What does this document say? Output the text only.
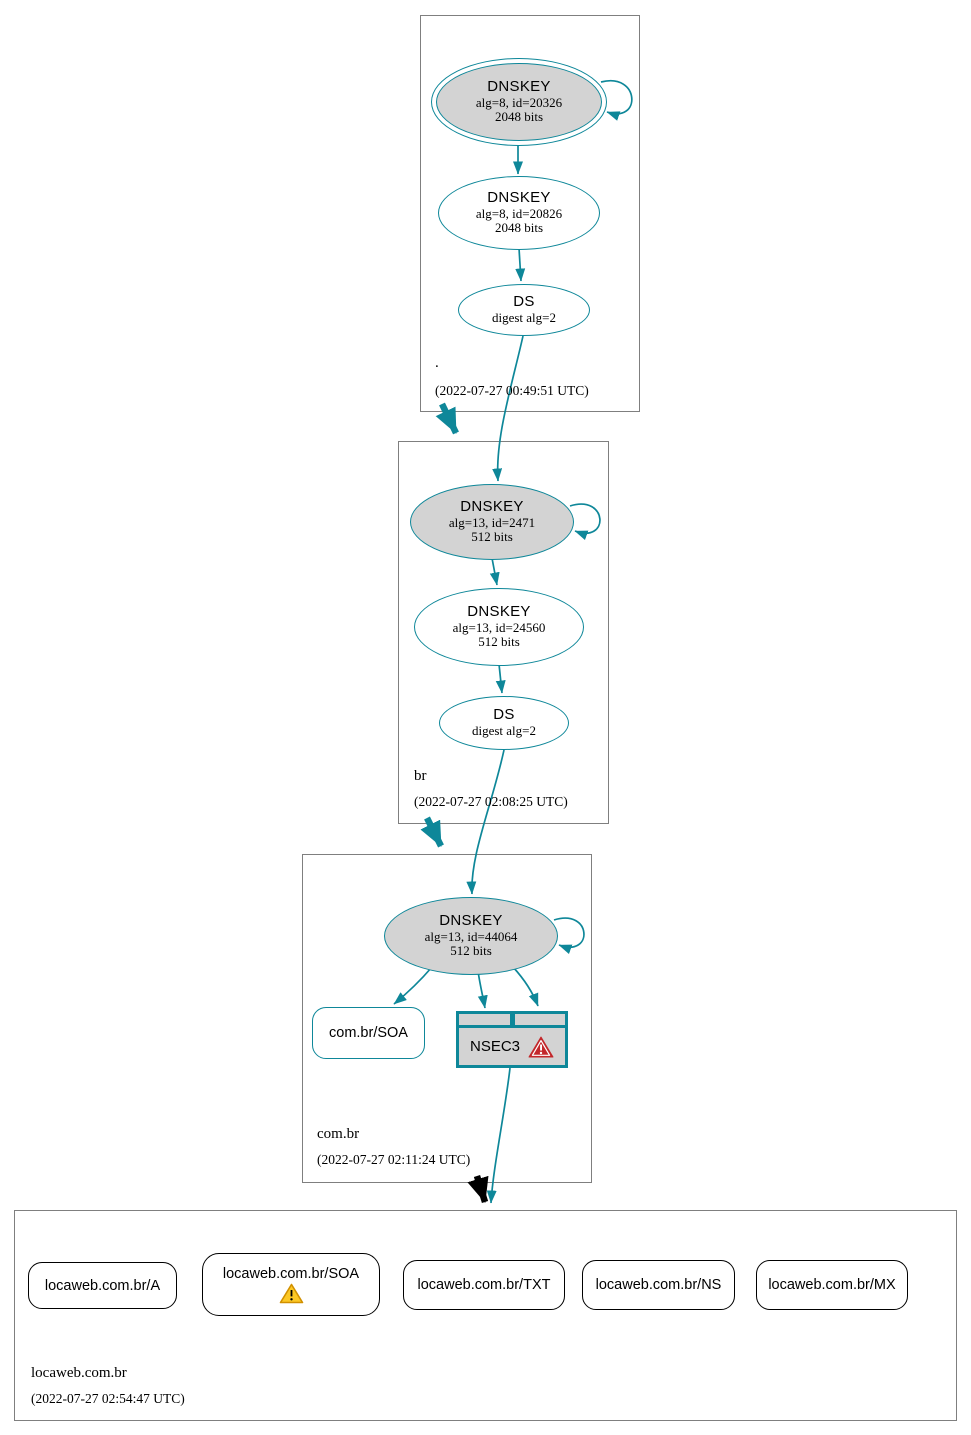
DNSKEY
alg=8, id=20326
2048 bits
DNSKEY
alg=8, id=20826
2048 bits
DS
digest alg=2
.
(2022-07-27 00:49:51 UTC)
DNSKEY
alg=13, id=2471
512 bits
DNSKEY
alg=13, id=24560
512 bits
DS
digest alg=2
br
(2022-07-27 02:08:25 UTC)
DNSKEY
alg=13, id=44064
512 bits
com.br/SOA
NSEC3
com.br
(2022-07-27 02:11:24 UTC)
locaweb.com.br/A
locaweb.com.br/SOA
locaweb.com.br/TXT	locaweb.com.br/NS	locaweb.com.br/MX
locaweb.com.br
(2022-07-27 02:54:47 UTC)
